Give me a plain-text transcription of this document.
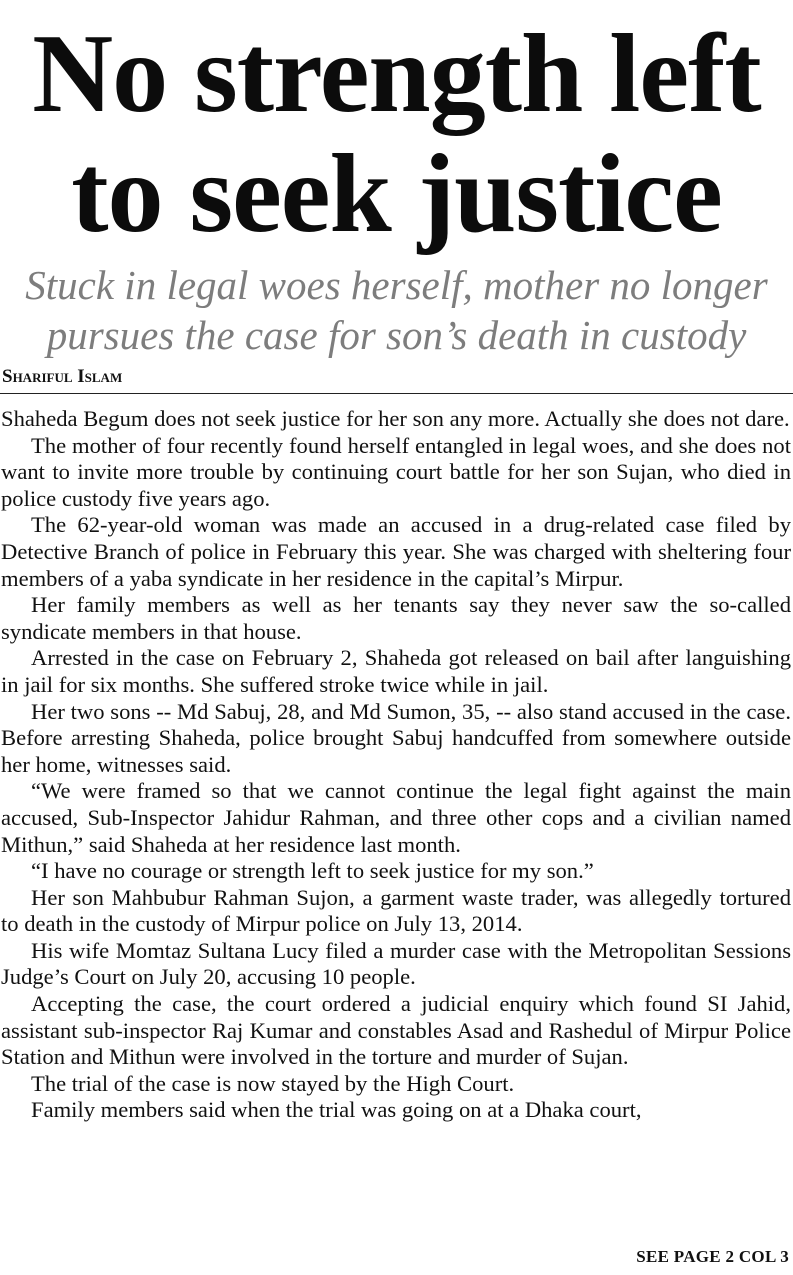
No strength left
to seek justice
Stuck in legal woes herself, mother no longer
pursues the case for son’s death in custody
Shariful Islam

Shaheda Begum does not seek justice for her son any more. Actually she does not dare.

The mother of four recently found herself entangled in legal woes, and she does not want to invite more trouble by continuing court battle for her son Sujan, who died in police custody five years ago.

The 62-year-old woman was made an accused in a drug-related case filed by Detective Branch of police in February this year. She was charged with sheltering four members of a yaba syndicate in her residence in the capital’s Mirpur.

Her family members as well as her tenants say they never saw the so-called syndicate members in that house.

Arrested in the case on February 2, Shaheda got released on bail after languishing in jail for six months. She suffered stroke twice while in jail.

Her two sons -- Md Sabuj, 28, and Md Sumon, 35, -- also stand accused in the case. Before arresting Shaheda, police brought Sabuj handcuffed from somewhere outside her home, witnesses said.

“We were framed so that we cannot continue the legal fight against the main accused, Sub-Inspector Jahidur Rahman, and three other cops and a civilian named Mithun,” said Shaheda at her residence last month.

“I have no courage or strength left to seek justice for my son.”

Her son Mahbubur Rahman Sujon, a garment waste trader, was allegedly tortured to death in the custody of Mirpur police on July 13, 2014.

His wife Momtaz Sultana Lucy filed a murder case with the Metropolitan Sessions Judge’s Court on July 20, accusing 10 people.

Accepting the case, the court ordered a judicial enquiry which found SI Jahid, assistant sub-inspector Raj Kumar and constables Asad and Rashedul of Mirpur Police Station and Mithun were involved in the torture and murder of Sujan.

The trial of the case is now stayed by the High Court.

Family members said when the trial was going on at a Dhaka court,

SEE PAGE 2 COL 3
